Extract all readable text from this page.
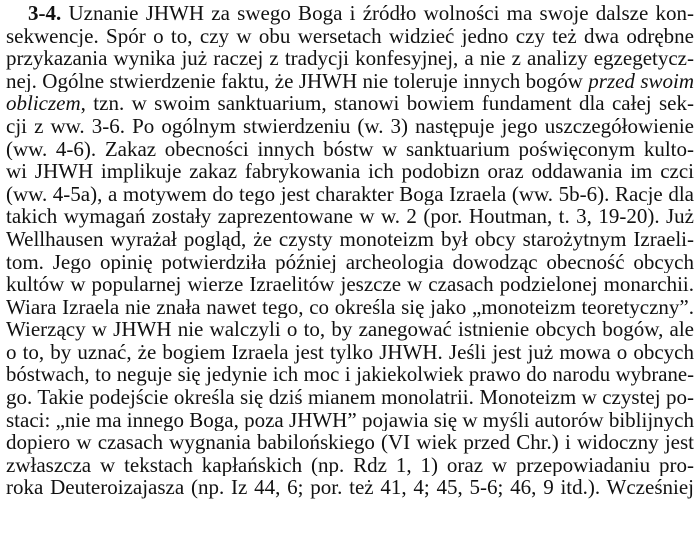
3-4. Uznanie JHWH za swego Boga i źródło wolności ma swoje dalsze kon-
sekwencje. Spór o to, czy w obu wersetach widzieć jedno czy też dwa odrębne
przykazania wynika już raczej z tradycji konfesyjnej, a nie z analizy egzegetycz-
nej. Ogólne stwierdzenie faktu, że JHWH nie toleruje innych bogów przed swoim
obliczem, tzn. w swoim sanktuarium, stanowi bowiem fundament dla całej sek-
cji z ww. 3-6. Po ogólnym stwierdzeniu (w. 3) następuje jego uszczegółowienie
(ww. 4-6). Zakaz obecności innych bóstw w sanktuarium poświęconym kulto-
wi JHWH implikuje zakaz fabrykowania ich podobizn oraz oddawania im czci
(ww. 4-5a), a motywem do tego jest charakter Boga Izraela (ww. 5b-6). Racje dla
takich wymagań zostały zaprezentowane w w. 2 (por. Houtman, t. 3, 19-20). Już
Wellhausen wyrażał pogląd, że czysty monoteizm był obcy starożytnym Izraeli-
tom. Jego opinię potwierdziła później archeologia dowodząc obecność obcych
kultów w popularnej wierze Izraelitów jeszcze w czasach podzielonej monarchii.
Wiara Izraela nie znała nawet tego, co określa się jako „monoteizm teoretyczny”.
Wierzący w JHWH nie walczyli o to, by zanegować istnienie obcych bogów, ale
o to, by uznać, że bogiem Izraela jest tylko JHWH. Jeśli jest już mowa o obcych
bóstwach, to neguje się jedynie ich moc i jakiekolwiek prawo do narodu wybrane-
go. Takie podejście określa się dziś mianem monolatrii. Monoteizm w czystej po-
staci: „nie ma innego Boga, poza JHWH” pojawia się w myśli autorów biblijnych
dopiero w czasach wygnania babilońskiego (VI wiek przed Chr.) i widoczny jest
zwłaszcza w tekstach kapłańskich (np. Rdz 1, 1) oraz w przepowiadaniu pro-
roka Deuteroizajasza (np. Iz 44, 6; por. też 41, 4; 45, 5-6; 46, 9 itd.). Wcześniej
